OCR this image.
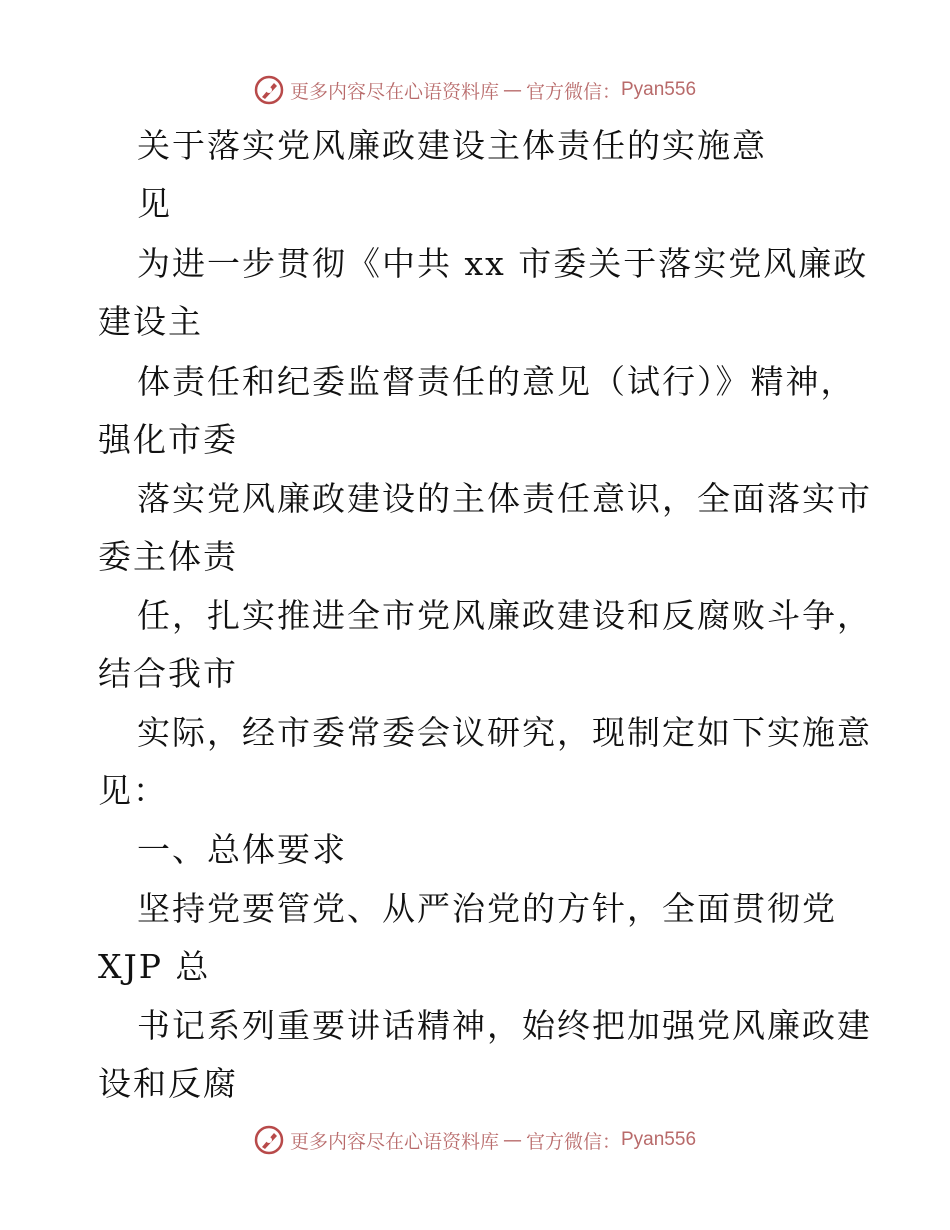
更多内容尽在心语资料库 — 官方微信： Pyan556
关于落实党风廉政建设主体责任的实施意
见
为进一步贯彻《中共 xx 市委关于落实党风廉政
建设主
体责任和纪委监督责任的意见（试行）》精神，
强化市委
落实党风廉政建设的主体责任意识，全面落实市
委主体责
任，扎实推进全市党风廉政建设和反腐败斗争，
结合我市
实际，经市委常委会议研究，现制定如下实施意
见：
一、总体要求
坚持党要管党、从严治党的方针，全面贯彻党
XJP 总
书记系列重要讲话精神，始终把加强党风廉政建
设和反腐
更多内容尽在心语资料库 — 官方微信： Pyan556
